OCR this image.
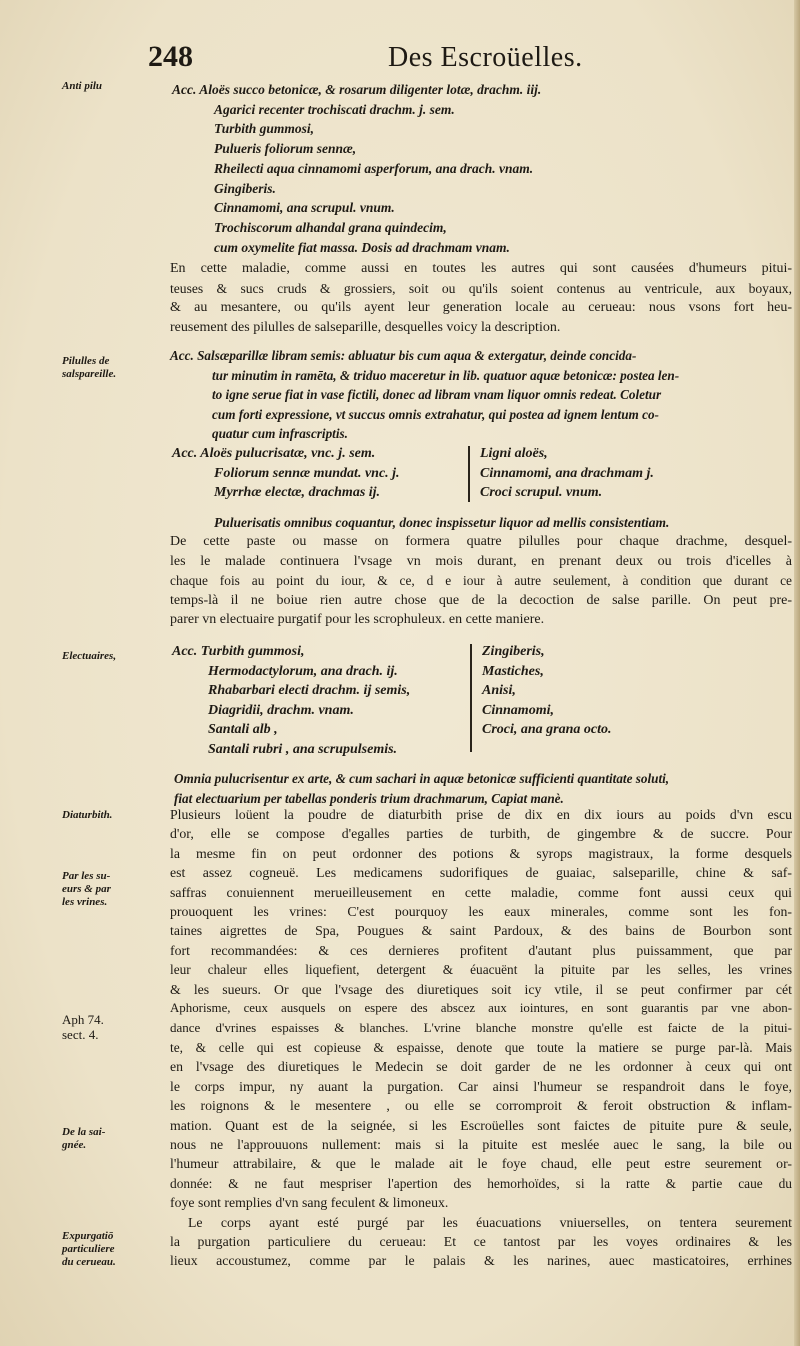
248	Des Escroüelles.
Anti pilu
Pilulles de
salspareille.
Electuaires,
Diaturbith.
Par les su-
eurs & par
les vrines.
Aph 74.
sect. 4.
De la sai-
gnée.
Expurgatiō
particuliere
du cerueau.
Acc. Aloës succo betonicæ, & rosarum diligenter lotæ, drachm. iij.
Agarici recenter trochiscati drachm. j. sem.
Turbith gummosi,
Pulueris foliorum sennæ,
Rheilecti aqua cinnamomi asperforum, ana drach. vnam.
Gingiberis.
Cinnamomi, ana scrupul. vnum.
Trochiscorum alhandal grana quindecim,
cum oxymelite fiat massa. Dosis ad drachmam vnam.
En cette maladie, comme aussi en toutes les autres qui sont causées d'humeurs pitui-
teuses & sucs cruds & grossiers, soit ou qu'ils soient contenus au ventricule, aux boyaux,
& au mesantere, ou qu'ils ayent leur generation locale au cerueau: nous vsons fort heu-
reusement des pilulles de salseparille, desquelles voicy la description.
Acc. Salsæparillæ libram semis: abluatur bis cum aqua & extergatur, deinde concida-
tur minutim in ramēta, & triduo maceretur in lib. quatuor aquæ betonicæ: postea len-
to igne serue fiat in vase fictili, donec ad libram vnam liquor omnis redeat. Coletur
cum forti expressione, vt succus omnis extrahatur, qui postea ad ignem lentum co-
quatur cum infrascriptis.
Acc. Aloës pulucrisatæ, vnc. j. sem.
Foliorum sennæ mundat. vnc. j.
Myrrhæ electæ, drachmas ij.
Ligni aloës,
Cinnamomi, ana drachmam j.
Croci scrupul. vnum.
Puluerisatis omnibus coquantur, donec inspissetur liquor ad mellis consistentiam.
De cette paste ou masse on formera quatre pilulles pour chaque drachme, desquel-
les le malade continuera l'vsage vn mois durant, en prenant deux ou trois d'icelles à
chaque fois au point du iour, & ce, d e iour à autre seulement, à condition que durant ce
temps-là il ne boiue rien autre chose que de la decoction de salse parille. On peut pre-
parer vn electuaire purgatif pour les scrophuleux. en cette maniere.
Acc. Turbith gummosi,
Hermodactylorum, ana drach. ij.
Rhabarbari electi drachm. ij semis,
Diagridii, drachm. vnam.
Santali alb ,
Santali rubri , ana scrupulsemis.
Zingiberis,
Mastiches,
Anisi,
Cinnamomi,
Croci, ana grana octo.
Omnia pulucrisentur ex arte, & cum sachari in aquæ betonicæ sufficienti quantitate soluti,
fiat electuarium per tabellas ponderis trium drachmarum, Capiat manè.
Plusieurs loüent la poudre de diaturbith prise de dix en dix iours au poids d'vn escu
d'or, elle se compose d'egalles parties de turbith, de gingembre & de succre. Pour
la mesme fin on peut ordonner des potions & syrops magistraux, la forme desquels
est assez cogneuë. Les medicamens sudorifiques de guaiac, salseparille, chine & saf-
saffras conuiennent merueilleusement en cette maladie, comme font aussi ceux qui
prouoquent les vrines: C'est pourquoy les eaux minerales, comme sont les fon-
taines aigrettes de Spa, Pougues & saint Pardoux, & des bains de Bourbon sont
fort recommandées: & ces dernieres profitent d'autant plus puissamment, que par
leur chaleur elles liquefient, detergent & éuacuënt la pituite par les selles, les vrines
& les sueurs. Or que l'vsage des diuretiques soit icy vtile, il se peut confirmer par cét
Aphorisme, ceux ausquels on espere des abscez aux iointures, en sont guarantis par vne abon-
dance d'vrines espaisses & blanches. L'vrine blanche monstre qu'elle est faicte de la pitui-
te, & celle qui est copieuse & espaisse, denote que toute la matiere se purge par-là. Mais
en l'vsage des diuretiques le Medecin se doit garder de ne les ordonner à ceux qui ont
le corps impur, ny auant la purgation. Car ainsi l'humeur se respandroit dans le foye,
les roignons & le mesentere , ou elle se corromproit & feroit obstruction & inflam-
mation. Quant est de la seignée, si les Escroüelles sont faictes de pituite pure & seule,
nous ne l'approuuons nullement: mais si la pituite est meslée auec le sang, la bile ou
l'humeur attrabilaire, & que le malade ait le foye chaud, elle peut estre seurement or-
donnée: & ne faut mespriser l'apertion des hemorhoïdes, si la ratte & partie caue du
foye sont remplies d'vn sang feculent & limoneux.
Le corps ayant esté purgé par les éuacuations vniuerselles, on tentera seurement
la purgation particuliere du cerueau: Et ce tantost par les voyes ordinaires & les
lieux accoustumez, comme par le palais & les narines, auec masticatoires, errhines
